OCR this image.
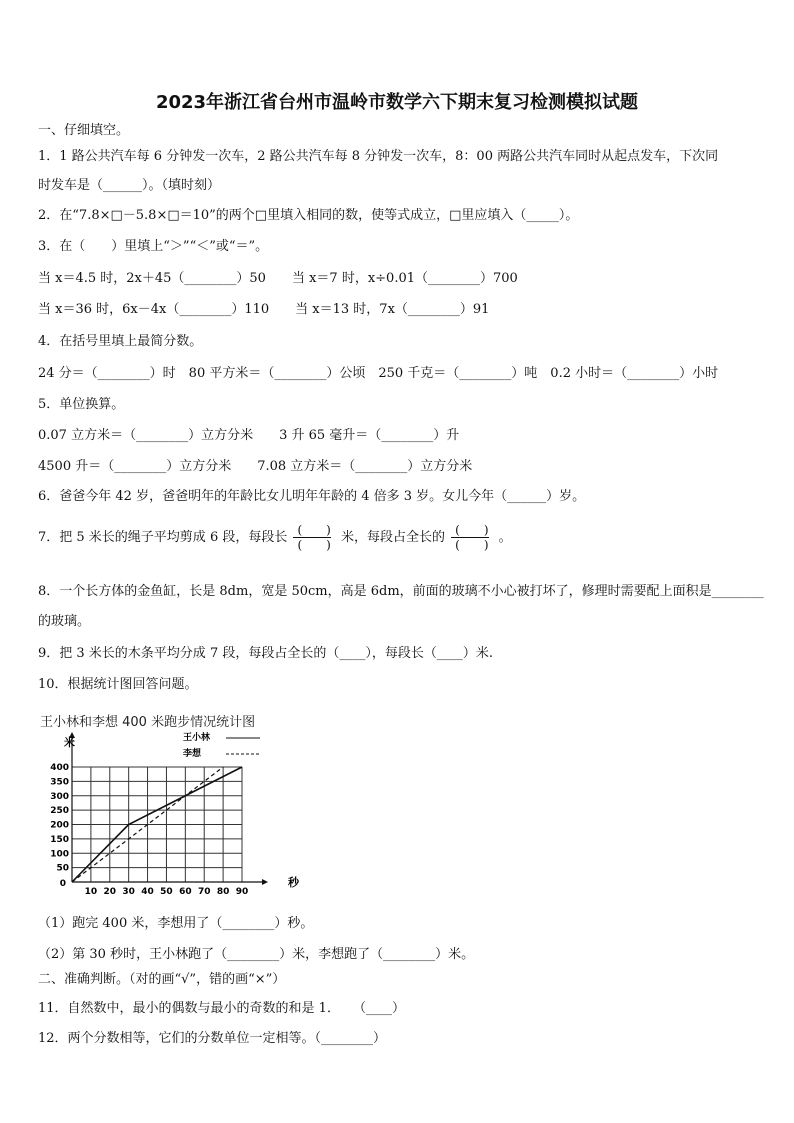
2023年浙江省台州市温岭市数学六下期末复习检测模拟试题
一、仔细填空。
1．1 路公共汽车每 6 分钟发一次车，2 路公共汽车每 8 分钟发一次车，8：00 两路公共汽车同时从起点发车，下次同
时发车是（______）。（填时刻）
2．在“7.8×□－5.8×□＝10”的两个□里填入相同的数，使等式成立，□里应填入（_____）。
3．在（　　）里填上“＞”“＜”或“＝”。
当 x＝4.5 时，2x＋45（________）50　　当 x＝7 时，x÷0.01（________）700
当 x＝36 时，6x－4x（________）110　　当 x＝13 时，7x（________）91
4．在括号里填上最简分数。
24 分＝（________）时　80 平方米＝（________）公顷　250 千克＝（________）吨　0.2 小时＝（________）小时
5．单位换算。
0.07 立方米＝（________）立方分米　　3 升 65 毫升＝（________）升
4500 升＝（________）立方分米　　7.08 立方米＝（________）立方分米
6．爸爸今年 42 岁，爸爸明年的年龄比女儿明年年龄的 4 倍多 3 岁。女儿今年（______）岁。
7．把 5 米长的绳子平均剪成 6 段，每段长 $\frac{( )}{( )}$ 米，每段占全长的 $\frac{( )}{( )}$ 。
8．一个长方体的金鱼缸，长是 8dm，宽是 50cm，高是 6dm，前面的玻璃不小心被打坏了，修理时需要配上面积是________
的玻璃。
9．把 3 米长的木条平均分成 7 段，每段占全长的（____），每段长（____）米.
10．根据统计图回答问题。
王小林和李想 400 米跑步情况统计图
0
10 20 30 40 50 60 70 80 90
50
100
150
200
250
300
350
400
王小林
李想
米
秒
（1）跑完 400 米，李想用了（________）秒。
（2）第 30 秒时，王小林跑了（________）米，李想跑了（________）米。
二、准确判断。（对的画“√”，错的画“×”）
11．自然数中，最小的偶数与最小的奇数的和是 1．　　（____）
12．两个分数相等，它们的分数单位一定相等。（________）
